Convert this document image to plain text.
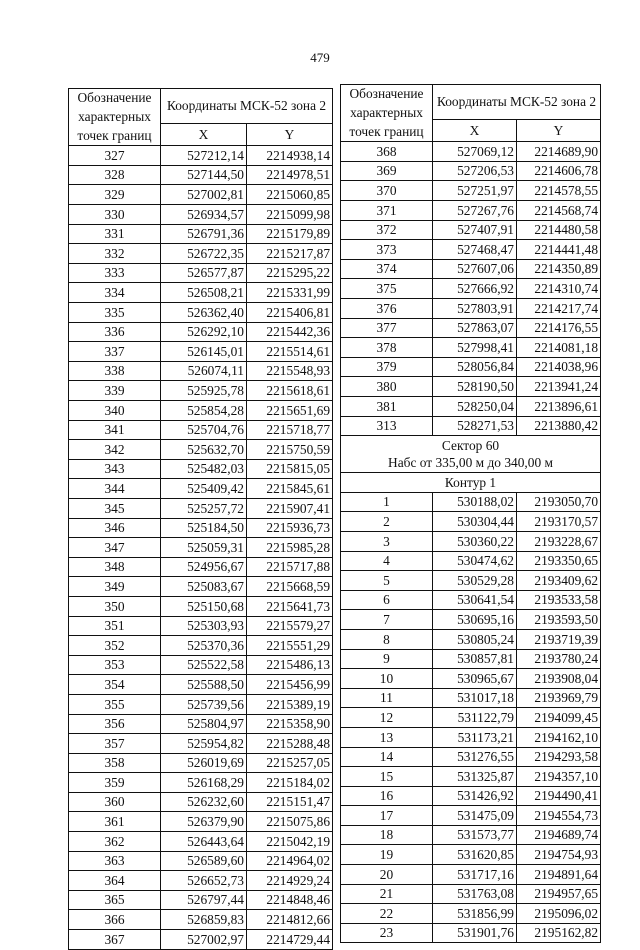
479
Обозначение характерных точек границ	Координаты МСК-52 зона 2	
	X	Y
327	527212,14	2214938,14
328	527144,50	2214978,51
329	527002,81	2215060,85
330	526934,57	2215099,98
331	526791,36	2215179,89
332	526722,35	2215217,87
333	526577,87	2215295,22
334	526508,21	2215331,99
335	526362,40	2215406,81
336	526292,10	2215442,36
337	526145,01	2215514,61
338	526074,11	2215548,93
339	525925,78	2215618,61
340	525854,28	2215651,69
341	525704,76	2215718,77
342	525632,70	2215750,59
343	525482,03	2215815,05
344	525409,42	2215845,61
345	525257,72	2215907,41
346	525184,50	2215936,73
347	525059,31	2215985,28
348	524956,67	2215717,88
349	525083,67	2215668,59
350	525150,68	2215641,73
351	525303,93	2215579,27
352	525370,36	2215551,29
353	525522,58	2215486,13
354	525588,50	2215456,99
355	525739,56	2215389,19
356	525804,97	2215358,90
357	525954,82	2215288,48
358	526019,69	2215257,05
359	526168,29	2215184,02
360	526232,60	2215151,47
361	526379,90	2215075,86
362	526443,64	2215042,19
363	526589,60	2214964,02
364	526652,73	2214929,24
365	526797,44	2214848,46
366	526859,83	2214812,66
367	527002,97	2214729,44
Обозначение характерных точек границ	Координаты МСК-52 зона 2	
	X	Y
368	527069,12	2214689,90
369	527206,53	2214606,78
370	527251,97	2214578,55
371	527267,76	2214568,74
372	527407,91	2214480,58
373	527468,47	2214441,48
374	527607,06	2214350,89
375	527666,92	2214310,74
376	527803,91	2214217,74
377	527863,07	2214176,55
378	527998,41	2214081,18
379	528056,84	2214038,96
380	528190,50	2213941,24
381	528250,04	2213896,61
313	528271,53	2213880,42

Сектор 60
Набс от 335,00 м до 340,00 м		

Контур 1		
1	530188,02	2193050,70
2	530304,44	2193170,57
3	530360,22	2193228,67
4	530474,62	2193350,65
5	530529,28	2193409,62
6	530641,54	2193533,58
7	530695,16	2193593,50
8	530805,24	2193719,39
9	530857,81	2193780,24
10	530965,67	2193908,04
11	531017,18	2193969,79
12	531122,79	2194099,45
13	531173,21	2194162,10
14	531276,55	2194293,58
15	531325,87	2194357,10
16	531426,92	2194490,41
17	531475,09	2194554,73
18	531573,77	2194689,74
19	531620,85	2194754,93
20	531717,16	2194891,64
21	531763,08	2194957,65
22	531856,99	2195096,02
23	531901,76	2195162,82
